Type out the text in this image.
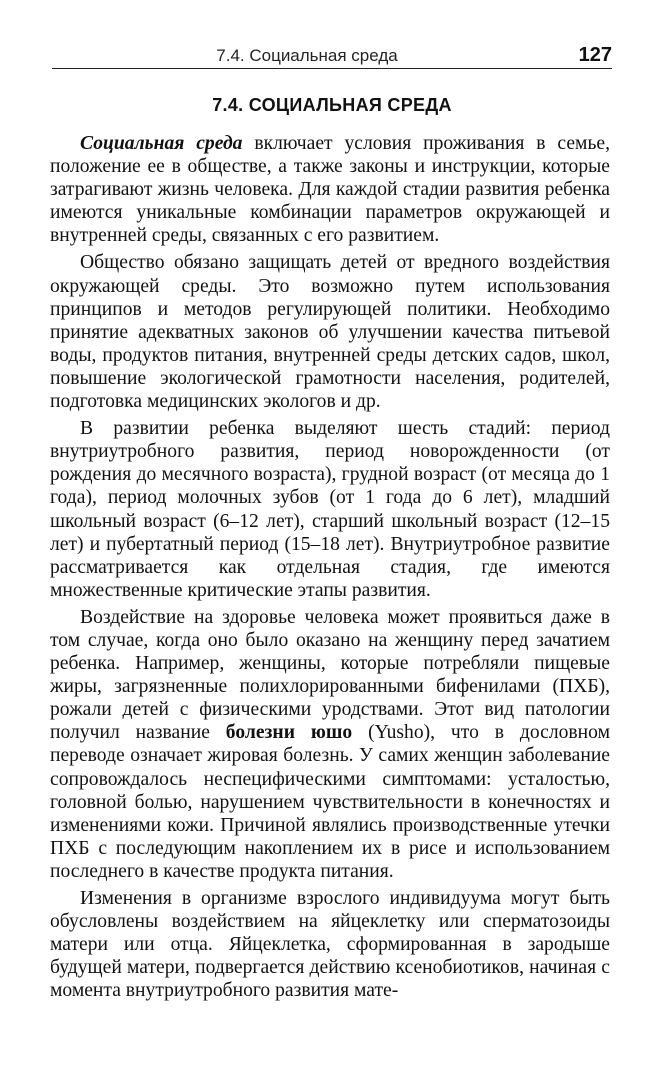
7.4. Социальная среда	127
7.4. СОЦИАЛЬНАЯ СРЕДА

Социальная среда включает условия проживания в семье, положение ее в обществе, а также законы и инструкции, которые затрагивают жизнь человека. Для каждой стадии развития ребенка имеются уникальные комбинации параметров окружающей и внутренней среды, связанных с его развитием.

Общество обязано защищать детей от вредного воздействия окружающей среды. Это возможно путем использования принципов и методов регулирующей политики. Необходимо принятие адекватных законов об улучшении качества питьевой воды, продуктов питания, внутренней среды детских садов, школ, повышение экологической грамотности населения, родителей, подготовка медицинских экологов и др.

В развитии ребенка выделяют шесть стадий: период внутриутробного развития, период новорожденности (от рождения до месячного возраста), грудной возраст (от месяца до 1 года), период молочных зубов (от 1 года до 6 лет), младший школьный возраст (6–12 лет), старший школьный возраст (12–15 лет) и пубертатный период (15–18 лет). Внутриутробное развитие рассматривается как отдельная стадия, где имеются множественные критические этапы развития.

Воздействие на здоровье человека может проявиться даже в том случае, когда оно было оказано на женщину перед зачатием ребенка. Например, женщины, которые потребляли пищевые жиры, загрязненные полихлорированными бифенилами (ПХБ), рожали детей с физическими уродствами. Этот вид патологии получил название болезни юшо (Yusho), что в дословном переводе означает жировая болезнь. У самих женщин заболевание сопровождалось неспецифическими симптомами: усталостью, головной болью, нарушением чувствительности в конечностях и изменениями кожи. Причиной являлись производственные утечки ПХБ с последующим накоплением их в рисе и использованием последнего в качестве продукта питания.

Изменения в организме взрослого индивидуума могут быть обусловлены воздействием на яйцеклетку или сперматозоиды матери или отца. Яйцеклетка, сформированная в зародыше будущей матери, подвергается действию ксенобиотиков, начиная с момента внутриутробного развития мате-
